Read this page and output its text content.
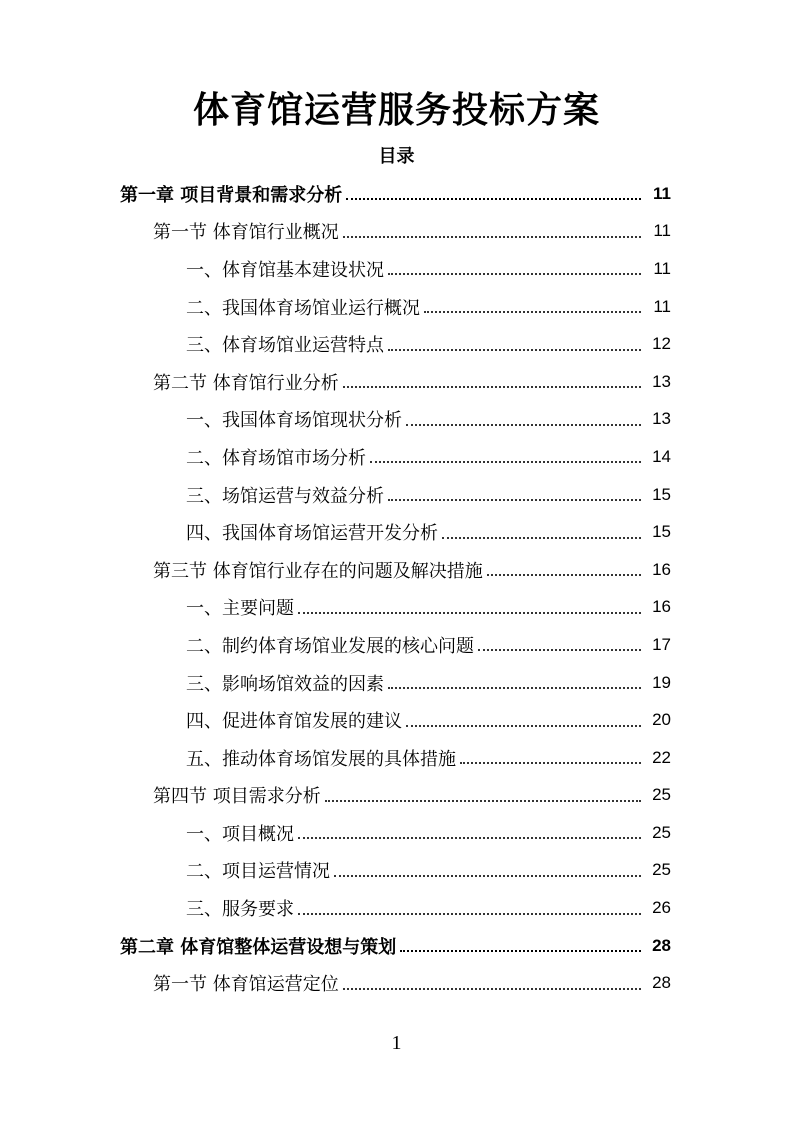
体育馆运营服务投标方案
目录
第一章 项目背景和需求分析	11
第一节 体育馆行业概况	11
一、体育馆基本建设状况	11
二、我国体育场馆业运行概况	11
三、体育场馆业运营特点	12
第二节 体育馆行业分析	13
一、我国体育场馆现状分析	13
二、体育场馆市场分析	14
三、场馆运营与效益分析	15
四、我国体育场馆运营开发分析	15
第三节 体育馆行业存在的问题及解决措施	16
一、主要问题	16
二、制约体育场馆业发展的核心问题	17
三、影响场馆效益的因素	19
四、促进体育馆发展的建议	20
五、推动体育场馆发展的具体措施	22
第四节 项目需求分析	25
一、项目概况	25
二、项目运营情况	25
三、服务要求	26
第二章 体育馆整体运营设想与策划	28
第一节 体育馆运营定位	28
1
